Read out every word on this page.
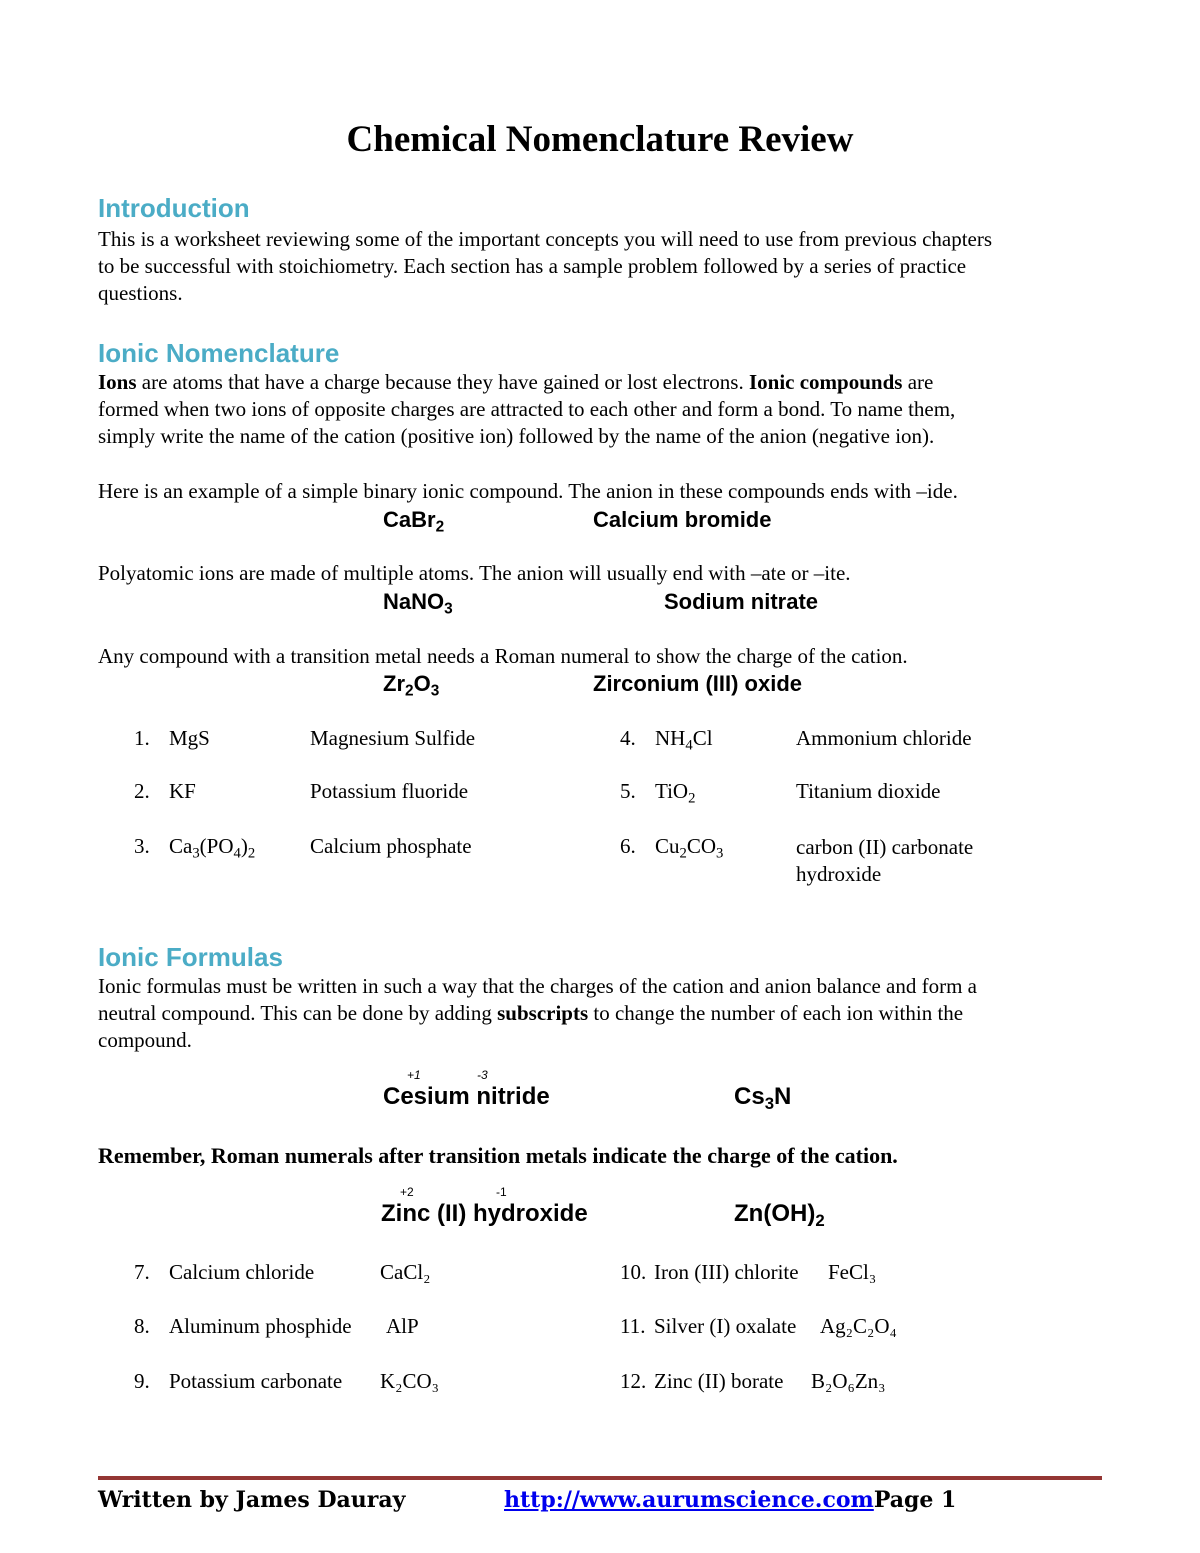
Chemical Nomenclature Review
Introduction
This is a worksheet reviewing some of the important concepts you will need to use from previous chapters
to be successful with stoichiometry. Each section has a sample problem followed by a series of practice
questions.
Ionic Nomenclature
Ions are atoms that have a charge because they have gained or lost electrons. Ionic compounds are
formed when two ions of opposite charges are attracted to each other and form a bond. To name them,
simply write the name of the cation (positive ion) followed by the name of the anion (negative ion).
Here is an example of a simple binary ionic compound. The anion in these compounds ends with –ide.
CaBr$_2$	Calcium bromide
Polyatomic ions are made of multiple atoms. The anion will usually end with –ate or –ite.
NaNO$_3$	Sodium nitrate
Any compound with a transition metal needs a Roman numeral to show the charge of the cation.
$Zr_2O_3$	Zirconium (III) oxide
1. MgS	Magnesium Sulfide
2. KF	Potassium fluoride
3. $Ca_3(PO_4)_2$	Calcium phosphate
4. $NH_4Cl$	Ammonium chloride
5. TiO$_2$	Titanium dioxide
6. $Cu_2CO_3$	carbon (II) carbonate
hydroxide
Ionic Formulas
Ionic formulas must be written in such a way that the charges of the cation and anion balance and form a
neutral compound. This can be done by adding subscripts to change the number of each ion within the
compound.
+1	-3
Cesium nitride	$Cs_3N$
Remember, Roman numerals after transition metals indicate the charge of the cation.
+2	-1
Zinc (II) hydroxide	$Zn(OH)_2$
7. Calcium chloride	CaCl₂
8. Aluminum phosphide AlP
9. Potassium carbonate K₂CO₃
10. Iron (III) chlorite FeCl₃
11. Silver (I) oxalate Ag₂C₂O₄
12. Zinc (II) borate B₂O₆Zn₃
Written by James Dauray	http://www.aurumscience.comPage 1
